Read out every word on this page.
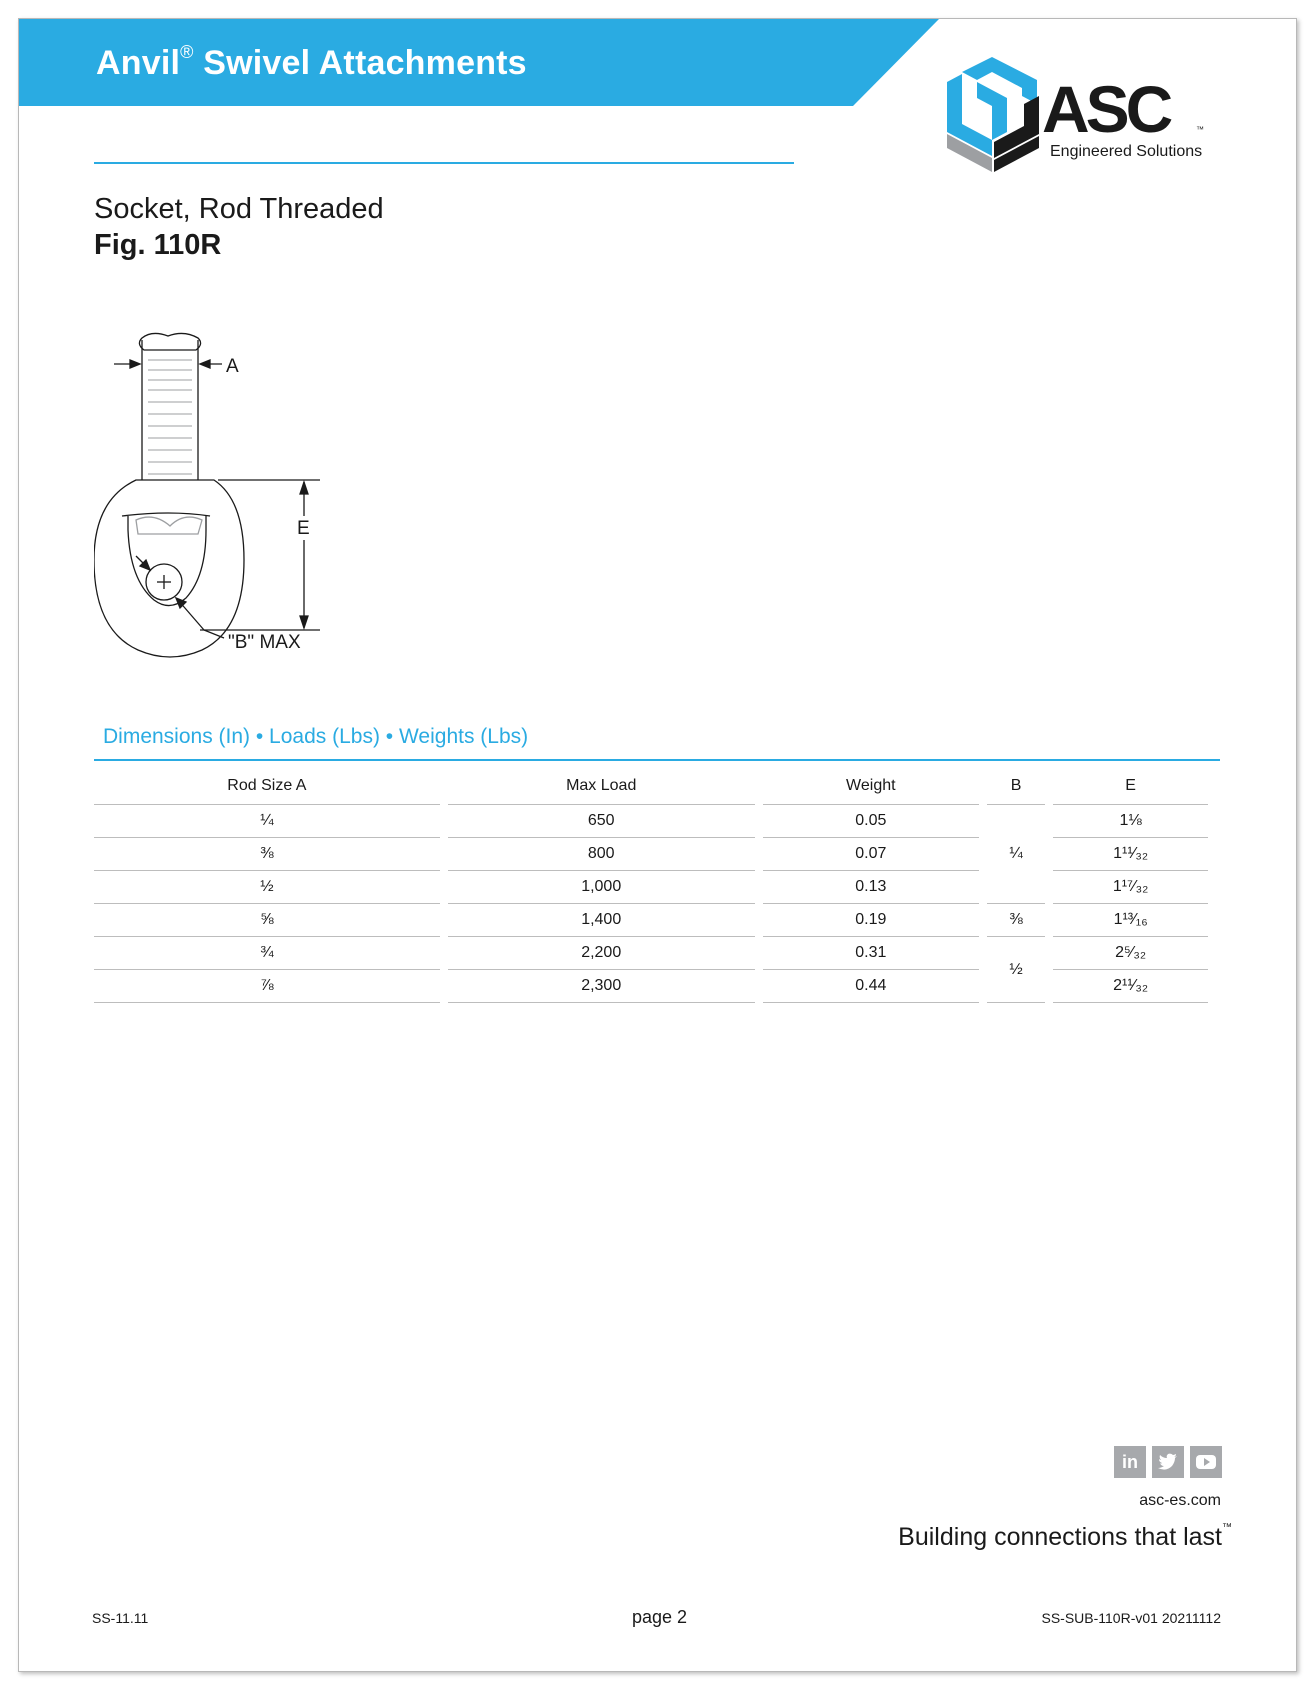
Anvil® Swivel Attachments
ASC	™
Engineered Solutions
Socket, Rod Threaded
Fig. 110R
A
"B" MAX
E
Dimensions (In) • Loads (Lbs) • Weights (Lbs)
Rod Size A	Max Load	Weight	B	E
¼	650	0.05	¼	1⅛
⅜	800	0.07		1¹¹⁄₃₂
½	1,000	0.13		1¹⁷⁄₃₂
⅝	1,400	0.19	⅜	1¹³⁄₁₆
¾	2,200	0.31	½	2⁵⁄₃₂
⅞	2,300	0.44		2¹¹⁄₃₂
in
asc-es.com
Building connections that last™
SS-11.11	page 2	SS-SUB-110R-v01 20211112
